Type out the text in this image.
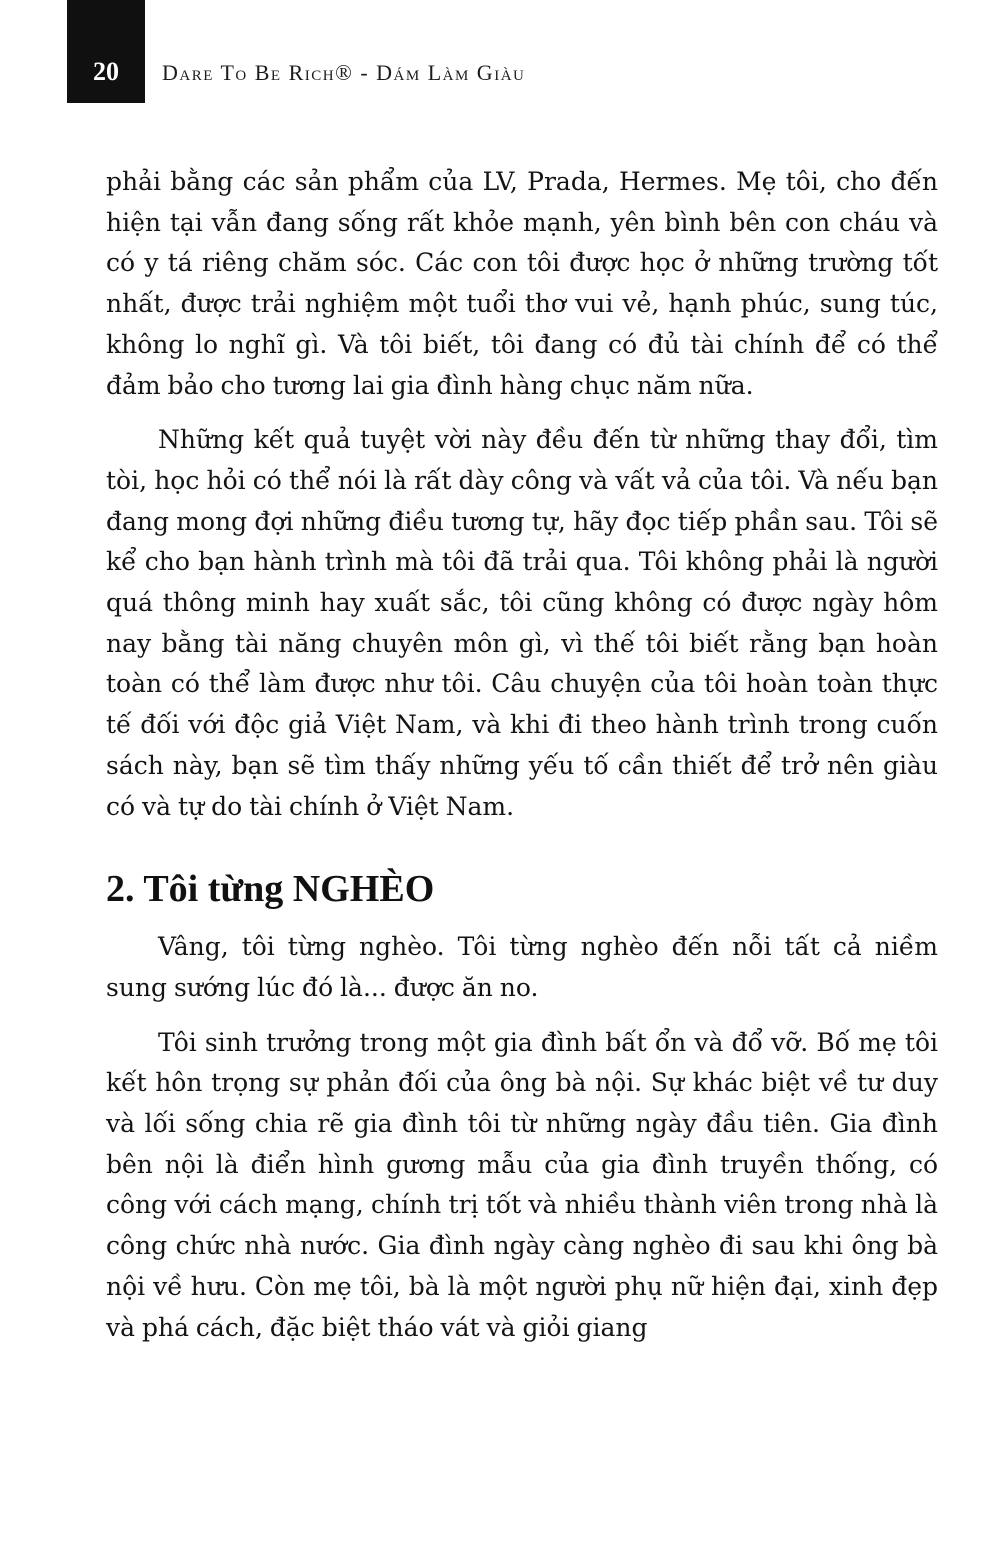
20	Dare To Be Rich® - Dám Làm Giàu

phải bằng các sản phẩm của LV, Prada, Hermes. Mẹ tôi, cho đến hiện tại vẫn đang sống rất khỏe mạnh, yên bình bên con cháu và có y tá riêng chăm sóc. Các con tôi được học ở những trường tốt nhất, được trải nghiệm một tuổi thơ vui vẻ, hạnh phúc, sung túc, không lo nghĩ gì. Và tôi biết, tôi đang có đủ tài chính để có thể đảm bảo cho tương lai gia đình hàng chục năm nữa.

Những kết quả tuyệt vời này đều đến từ những thay đổi, tìm tòi, học hỏi có thể nói là rất dày công và vất vả của tôi. Và nếu bạn đang mong đợi những điều tương tự, hãy đọc tiếp phần sau. Tôi sẽ kể cho bạn hành trình mà tôi đã trải qua. Tôi không phải là người quá thông minh hay xuất sắc, tôi cũng không có được ngày hôm nay bằng tài năng chuyên môn gì, vì thế tôi biết rằng bạn hoàn toàn có thể làm được như tôi. Câu chuyện của tôi hoàn toàn thực tế đối với độc giả Việt Nam, và khi đi theo hành trình trong cuốn sách này, bạn sẽ tìm thấy những yếu tố cần thiết để trở nên giàu có và tự do tài chính ở Việt Nam.

2. Tôi từng NGHÈO

Vâng, tôi từng nghèo. Tôi từng nghèo đến nỗi tất cả niềm sung sướng lúc đó là... được ăn no.

Tôi sinh trưởng trong một gia đình bất ổn và đổ vỡ. Bố mẹ tôi kết hôn trọng sự phản đối của ông bà nội. Sự khác biệt về tư duy và lối sống chia rẽ gia đình tôi từ những ngày đầu tiên. Gia đình bên nội là điển hình gương mẫu của gia đình truyền thống, có công với cách mạng, chính trị tốt và nhiều thành viên trong nhà là công chức nhà nước. Gia đình ngày càng nghèo đi sau khi ông bà nội về hưu. Còn mẹ tôi, bà là một người phụ nữ hiện đại, xinh đẹp và phá cách, đặc biệt tháo vát và giỏi giang
